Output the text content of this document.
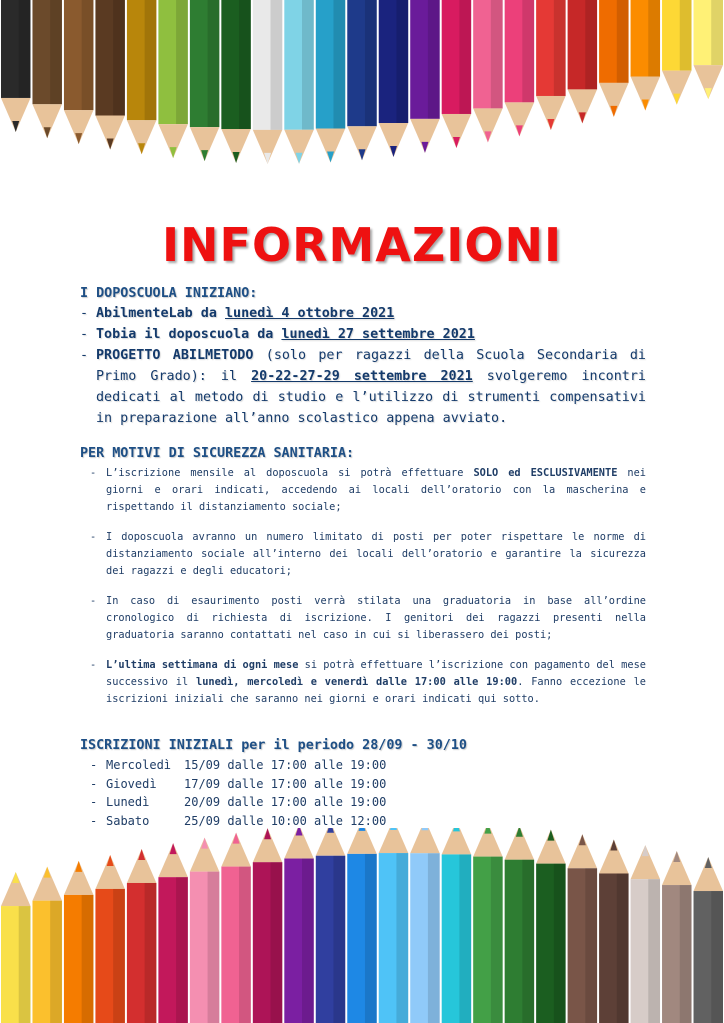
INFORMAZIONI

I DOPOSCUOLA INIZIANO:

- AbilmenteLab da lunedì 4 ottobre 2021
- Tobia il doposcuola da lunedì 27 settembre 2021
- PROGETTO ABILMETODO (solo per ragazzi della Scuola Secondaria di Primo Grado): il 20-22-27-29 settembre 2021 svolgeremo incontri dedicati al metodo di studio e l’utilizzo di strumenti compensativi in preparazione all’anno scolastico appena avviato.

PER MOTIVI DI SICUREZZA SANITARIA:

- L’iscrizione mensile al doposcuola si potrà effettuare SOLO ed ESCLUSIVAMENTE nei giorni e orari indicati, accedendo ai locali dell’oratorio con la mascherina e rispettando il distanziamento sociale;
- I doposcuola avranno un numero limitato di posti per poter rispettare le norme di distanziamento sociale all’interno dei locali dell’oratorio e garantire la sicurezza dei ragazzi e degli educatori;
- In caso di esaurimento posti verrà stilata una graduatoria in base all’ordine cronologico di richiesta di iscrizione. I genitori dei ragazzi presenti nella graduatoria saranno contattati nel caso in cui si liberassero dei posti;
- L’ultima settimana di ogni mese si potrà effettuare l’iscrizione con pagamento del mese successivo il lunedì, mercoledì e venerdì dalle 17:00 alle 19:00. Fanno eccezione le iscrizioni iniziali che saranno nei giorni e orari indicati qui sotto.

ISCRIZIONI INIZIALI per il periodo 28/09 - 30/10

- Mercoledì 15/09 dalle 17:00 alle 19:00
- Giovedì 17/09 dalle 17:00 alle 19:00
- Lunedì	20/09 dalle 17:00 alle 19:00
- Sabato	25/09 dalle 10:00 alle 12:00
